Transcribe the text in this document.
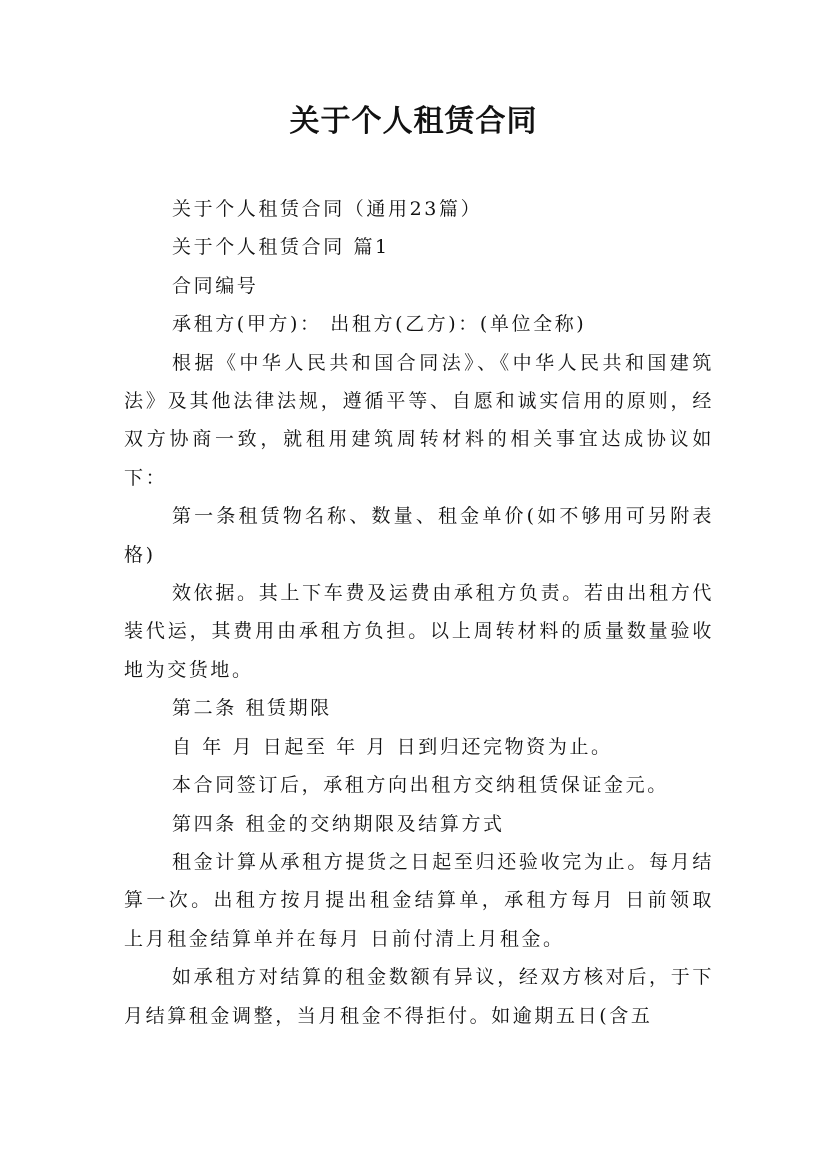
关于个人租赁合同

关于个人租赁合同（通用23篇）

关于个人租赁合同 篇1

合同编号

承租方(甲方)： 出租方(乙方)：(单位全称)

根据《中华人民共和国合同法》、《中华人民共和国建筑法》及其他法律法规，遵循平等、自愿和诚实信用的原则，经双方协商一致，就租用建筑周转材料的相关事宜达成协议如下：

第一条租赁物名称、数量、租金单价(如不够用可另附表格)

效依据。其上下车费及运费由承租方负责。若由出租方代装代运，其费用由承租方负担。以上周转材料的质量数量验收地为交货地。

第二条 租赁期限

自 年 月 日起至 年 月 日到归还完物资为止。

本合同签订后，承租方向出租方交纳租赁保证金元。

第四条 租金的交纳期限及结算方式

租金计算从承租方提货之日起至归还验收完为止。每月结算一次。出租方按月提出租金结算单，承租方每月 日前领取上月租金结算单并在每月 日前付清上月租金。

如承租方对结算的租金数额有异议，经双方核对后，于下月结算租金调整，当月租金不得拒付。如逾期五日(含五
